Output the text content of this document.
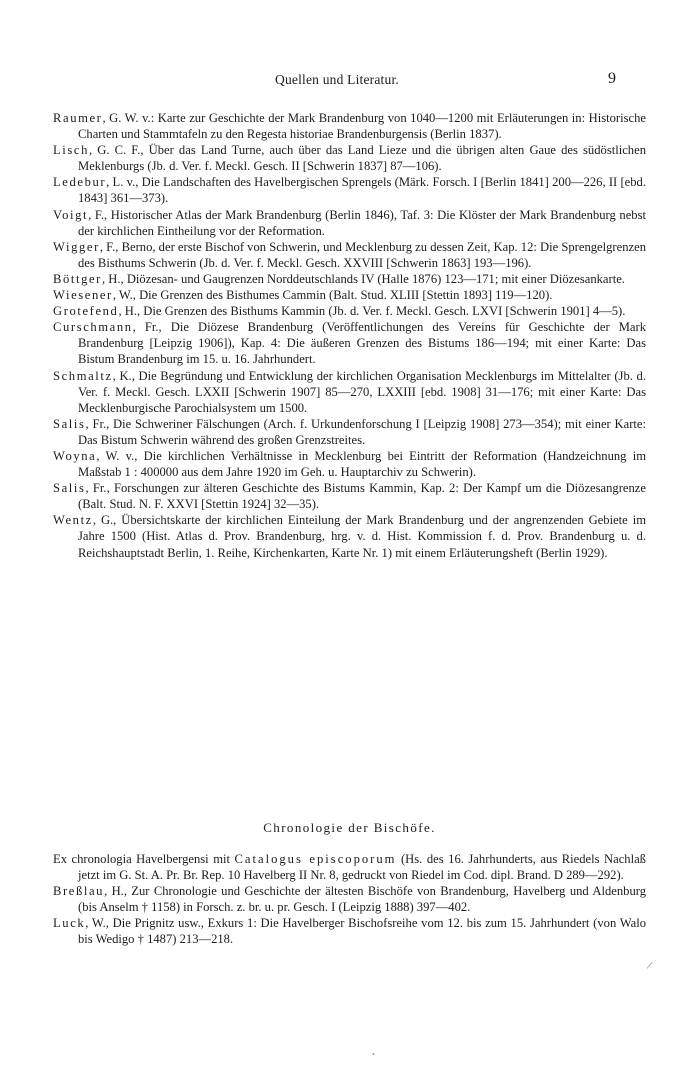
Quellen und Literatur.	9

Raumer, G. W. v.: Karte zur Geschichte der Mark Brandenburg von 1040—1200 mit Erläuterungen in: Historische Charten und Stammtafeln zu den Regesta historiae Brandenburgensis (Berlin 1837).

Lisch, G. C. F., Über das Land Turne, auch über das Land Lieze und die übrigen alten Gaue des südöstlichen Meklenburgs (Jb. d. Ver. f. Meckl. Gesch. II [Schwerin 1837] 87—106).

Ledebur, L. v., Die Landschaften des Havelbergischen Sprengels (Märk. Forsch. I [Berlin 1841] 200—226, II [ebd. 1843] 361—373).

Voigt, F., Historischer Atlas der Mark Brandenburg (Berlin 1846), Taf. 3: Die Klöster der Mark Brandenburg nebst der kirchlichen Eintheilung vor der Reformation.

Wigger, F., Berno, der erste Bischof von Schwerin, und Mecklenburg zu dessen Zeit, Kap. 12: Die Sprengelgrenzen des Bisthums Schwerin (Jb. d. Ver. f. Meckl. Gesch. XXVIII [Schwerin 1863] 193—196).

Böttger, H., Diözesan- und Gaugrenzen Norddeutschlands IV (Halle 1876) 123—171; mit einer Diözesankarte.

Wiesener, W., Die Grenzen des Bisthumes Cammin (Balt. Stud. XLIII [Stettin 1893] 119—120).

Grotefend, H., Die Grenzen des Bisthums Kammin (Jb. d. Ver. f. Meckl. Gesch. LXVI [Schwerin 1901] 4—5).

Curschmann, Fr., Die Diözese Brandenburg (Veröffentlichungen des Vereins für Geschichte der Mark Brandenburg [Leipzig 1906]), Kap. 4: Die äußeren Grenzen des Bistums 186—194; mit einer Karte: Das Bistum Brandenburg im 15. u. 16. Jahrhundert.

Schmaltz, K., Die Begründung und Entwicklung der kirchlichen Organisation Mecklenburgs im Mittelalter (Jb. d. Ver. f. Meckl. Gesch. LXXII [Schwerin 1907] 85—270, LXXIII [ebd. 1908] 31—176; mit einer Karte: Das Mecklenburgische Parochialsystem um 1500.

Salis, Fr., Die Schweriner Fälschungen (Arch. f. Urkundenforschung I [Leipzig 1908] 273—354); mit einer Karte: Das Bistum Schwerin während des großen Grenzstreites.

Woyna, W. v., Die kirchlichen Verhältnisse in Mecklenburg bei Eintritt der Reformation (Handzeichnung im Maßstab 1 : 400000 aus dem Jahre 1920 im Geh. u. Hauptarchiv zu Schwerin).

Salis, Fr., Forschungen zur älteren Geschichte des Bistums Kammin, Kap. 2: Der Kampf um die Diözesangrenze (Balt. Stud. N. F. XXVI [Stettin 1924] 32—35).

Wentz, G., Übersichtskarte der kirchlichen Einteilung der Mark Brandenburg und der angrenzenden Gebiete im Jahre 1500 (Hist. Atlas d. Prov. Brandenburg, hrg. v. d. Hist. Kommission f. d. Prov. Brandenburg u. d. Reichshauptstadt Berlin, 1. Reihe, Kirchenkarten, Karte Nr. 1) mit einem Erläuterungsheft (Berlin 1929).

Chronologie der Bischöfe.

Ex chronologia Havelbergensi mit Catalogus episcoporum (Hs. des 16. Jahrhunderts, aus Riedels Nachlaß jetzt im G. St. A. Pr. Br. Rep. 10 Havelberg II Nr. 8, gedruckt von Riedel im Cod. dipl. Brand. D 289—292).

Breßlau, H., Zur Chronologie und Geschichte der ältesten Bischöfe von Brandenburg, Havelberg und Aldenburg (bis Anselm † 1158) in Forsch. z. br. u. pr. Gesch. I (Leipzig 1888) 397—402.

Luck, W., Die Prignitz usw., Exkurs 1: Die Havelberger Bischofsreihe vom 12. bis zum 15. Jahrhundert (von Walo bis Wedigo † 1487) 213—218.

/
•
